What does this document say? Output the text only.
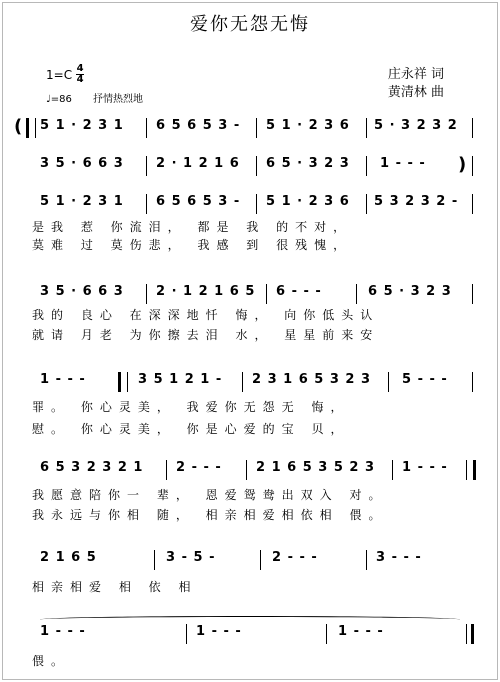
爱你无怨无悔
1=C 4
4	庄永祥 词
黄清林 曲
♩=86 抒情热烈地
( 5 1 · 2 3 1 6 5 6 5 3 - 5 1 · 2 3 6 5 · 3 2 3 2
3 5 · 6 6 3 2 · 1 2 1 6 6 5 · 3 2 3 1 - - - )
5 1 · 2 3 1 6 5 6 5 3 - 5 1 · 2 3 6 5 3 2 3 2 -
是我 惹 你流泪， 都是 我 的不对，
莫难 过 莫伤悲， 我感 到 很残愧，
3 5 · 6 6 3 2 · 1 2 1 6 5 6 - - -	6 5 · 3 2 3
我的 良心 在深深地忏 悔， 向你低头认
就请 月老 为你擦去泪 水， 星星前来安
1 - - -	3 5 1 2 1 - 2 3 1 6 5 3 2 3 5 - - -
罪。 你心灵美， 我爱你无怨无 悔，
慰。 你心灵美， 你是心爱的宝 贝，
6 5 3 2 3 2 1	2 - - -	2 1 6 5 3 5 2 3 1 - - -
我愿意陪你一 辈， 恩爱鸳鸯出双入 对。
我永远与你相 随， 相亲相爱相依相 偎。
2 1 6 5	3 - 5 -	2 - - -	3 - - -
相亲相爱 相 依 相
1 - - -	1 - - -	1 - - -
偎。
